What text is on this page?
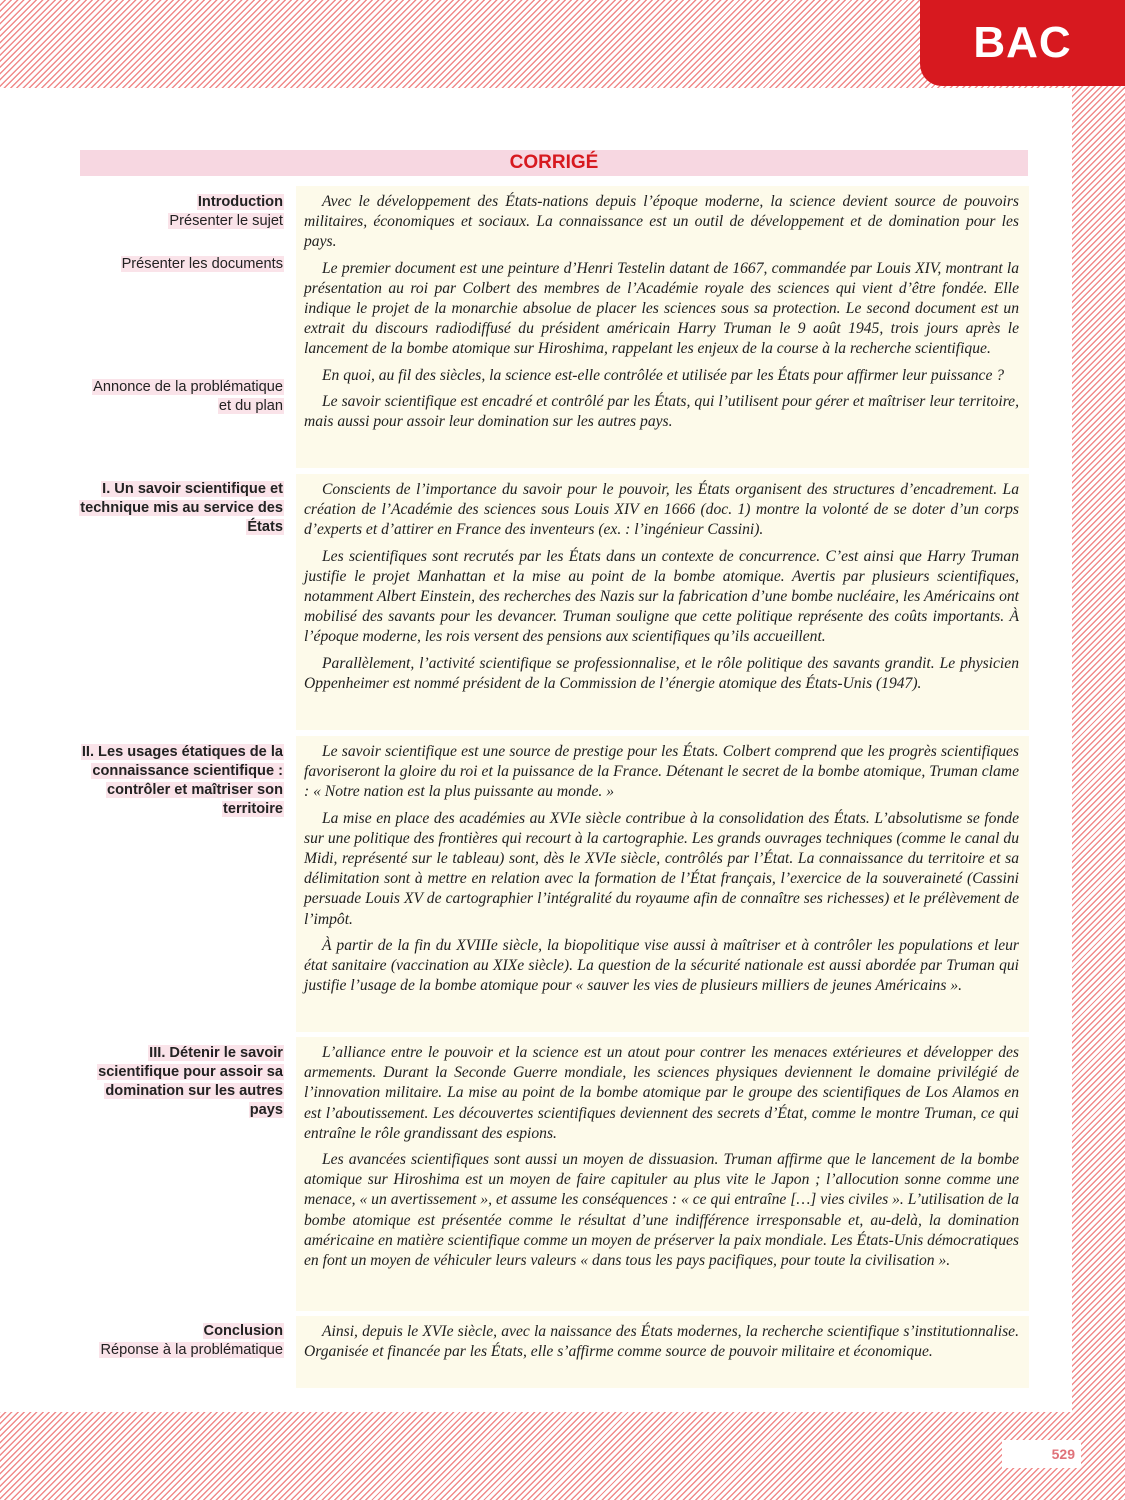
BAC
CORRIGÉ
Introduction
Présenter le sujet
Présenter les documents
Annonce de la problématique et du plan

Avec le développement des États-nations depuis l’époque moderne, la science devient source de pouvoirs militaires, économiques et sociaux. La connaissance est un outil de développement et de domination pour les pays.

Le premier document est une peinture d’Henri Testelin datant de 1667, commandée par Louis XIV, montrant la présentation au roi par Colbert des membres de l’Académie royale des sciences qui vient d’être fondée. Elle indique le projet de la monarchie absolue de placer les sciences sous sa protection. Le second document est un extrait du discours radiodiffusé du président américain Harry Truman le 9 août 1945, trois jours après le lancement de la bombe atomique sur Hiroshima, rappelant les enjeux de la course à la recherche scientifique.

En quoi, au fil des siècles, la science est-elle contrôlée et utilisée par les États pour affirmer leur puissance ?

Le savoir scientifique est encadré et contrôlé par les États, qui l’utilisent pour gérer et maîtriser leur territoire, mais aussi pour assoir leur domination sur les autres pays.

I. Un savoir scientifique et technique mis au service des États

Conscients de l’importance du savoir pour le pouvoir, les États organisent des structures d’encadrement. La création de l’Académie des sciences sous Louis XIV en 1666 (doc. 1) montre la volonté de se doter d’un corps d’experts et d’attirer en France des inventeurs (ex. : l’ingénieur Cassini).

Les scientifiques sont recrutés par les États dans un contexte de concurrence. C’est ainsi que Harry Truman justifie le projet Manhattan et la mise au point de la bombe atomique. Avertis par plusieurs scientifiques, notamment Albert Einstein, des recherches des Nazis sur la fabrication d’une bombe nucléaire, les Américains ont mobilisé des savants pour les devancer. Truman souligne que cette politique représente des coûts importants. À l’époque moderne, les rois versent des pensions aux scientifiques qu’ils accueillent.

Parallèlement, l’activité scientifique se professionnalise, et le rôle politique des savants grandit. Le physicien Oppenheimer est nommé président de la Commission de l’énergie atomique des États-Unis (1947).

II. Les usages étatiques de la connaissance scientifique : contrôler et maîtriser son territoire

Le savoir scientifique est une source de prestige pour les États. Colbert comprend que les progrès scientifiques favoriseront la gloire du roi et la puissance de la France. Détenant le secret de la bombe atomique, Truman clame : « Notre nation est la plus puissante au monde. »

La mise en place des académies au XVIe siècle contribue à la consolidation des États. L’absolutisme se fonde sur une politique des frontières qui recourt à la cartographie. Les grands ouvrages techniques (comme le canal du Midi, représenté sur le tableau) sont, dès le XVIe siècle, contrôlés par l’État. La connaissance du territoire et sa délimitation sont à mettre en relation avec la formation de l’État français, l’exercice de la souveraineté (Cassini persuade Louis XV de cartographier l’intégralité du royaume afin de connaître ses richesses) et le prélèvement de l’impôt.

À partir de la fin du XVIIIe siècle, la biopolitique vise aussi à maîtriser et à contrôler les populations et leur état sanitaire (vaccination au XIXe siècle). La question de la sécurité nationale est aussi abordée par Truman qui justifie l’usage de la bombe atomique pour « sauver les vies de plusieurs milliers de jeunes Américains ».

III. Détenir le savoir scientifique pour assoir sa domination sur les autres pays

L’alliance entre le pouvoir et la science est un atout pour contrer les menaces extérieures et développer des armements. Durant la Seconde Guerre mondiale, les sciences physiques deviennent le domaine privilégié de l’innovation militaire. La mise au point de la bombe atomique par le groupe des scientifiques de Los Alamos en est l’aboutissement. Les découvertes scientifiques deviennent des secrets d’État, comme le montre Truman, ce qui entraîne le rôle grandissant des espions.

Les avancées scientifiques sont aussi un moyen de dissuasion. Truman affirme que le lancement de la bombe atomique sur Hiroshima est un moyen de faire capituler au plus vite le Japon ; l’allocution sonne comme une menace, « un avertissement », et assume les conséquences : « ce qui entraîne […] vies civiles ». L’utilisation de la bombe atomique est présentée comme le résultat d’une indifférence irresponsable et, au-delà, la domination américaine en matière scientifique comme un moyen de préserver la paix mondiale. Les États-Unis démocratiques en font un moyen de véhiculer leurs valeurs « dans tous les pays pacifiques, pour toute la civilisation ».

Conclusion
Réponse à la problématique

Ainsi, depuis le XVIe siècle, avec la naissance des États modernes, la recherche scientifique s’institutionnalise. Organisée et financée par les États, elle s’affirme comme source de pouvoir militaire et économique.

529
